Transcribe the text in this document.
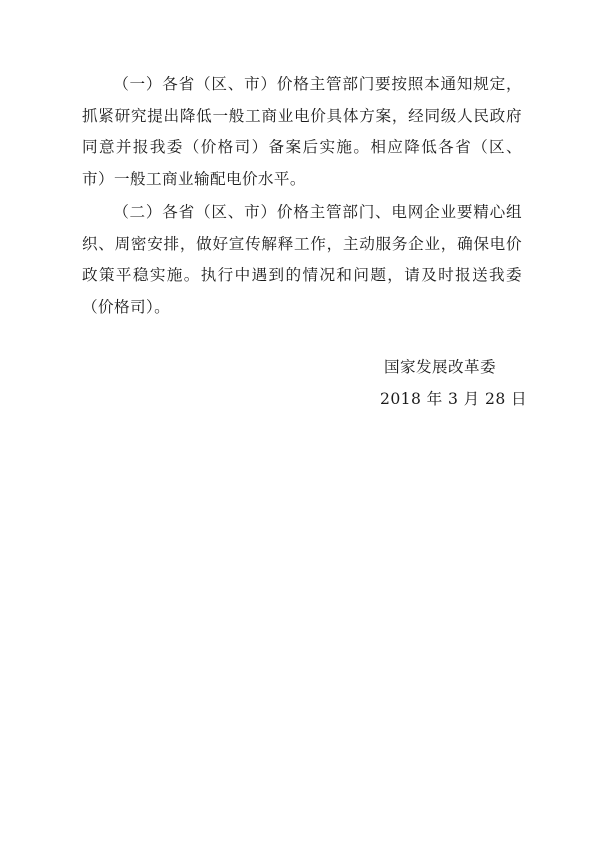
（一）各省（区、市）价格主管部门要按照本通知规定，抓紧研究提出降低一般工商业电价具体方案，经同级人民政府同意并报我委（价格司）备案后实施。相应降低各省（区、市）一般工商业输配电价水平。

（二）各省（区、市）价格主管部门、电网企业要精心组织、周密安排，做好宣传解释工作，主动服务企业，确保电价政策平稳实施。执行中遇到的情况和问题，请及时报送我委（价格司）。

国家发展改革委
2018 年 3 月 28 日
